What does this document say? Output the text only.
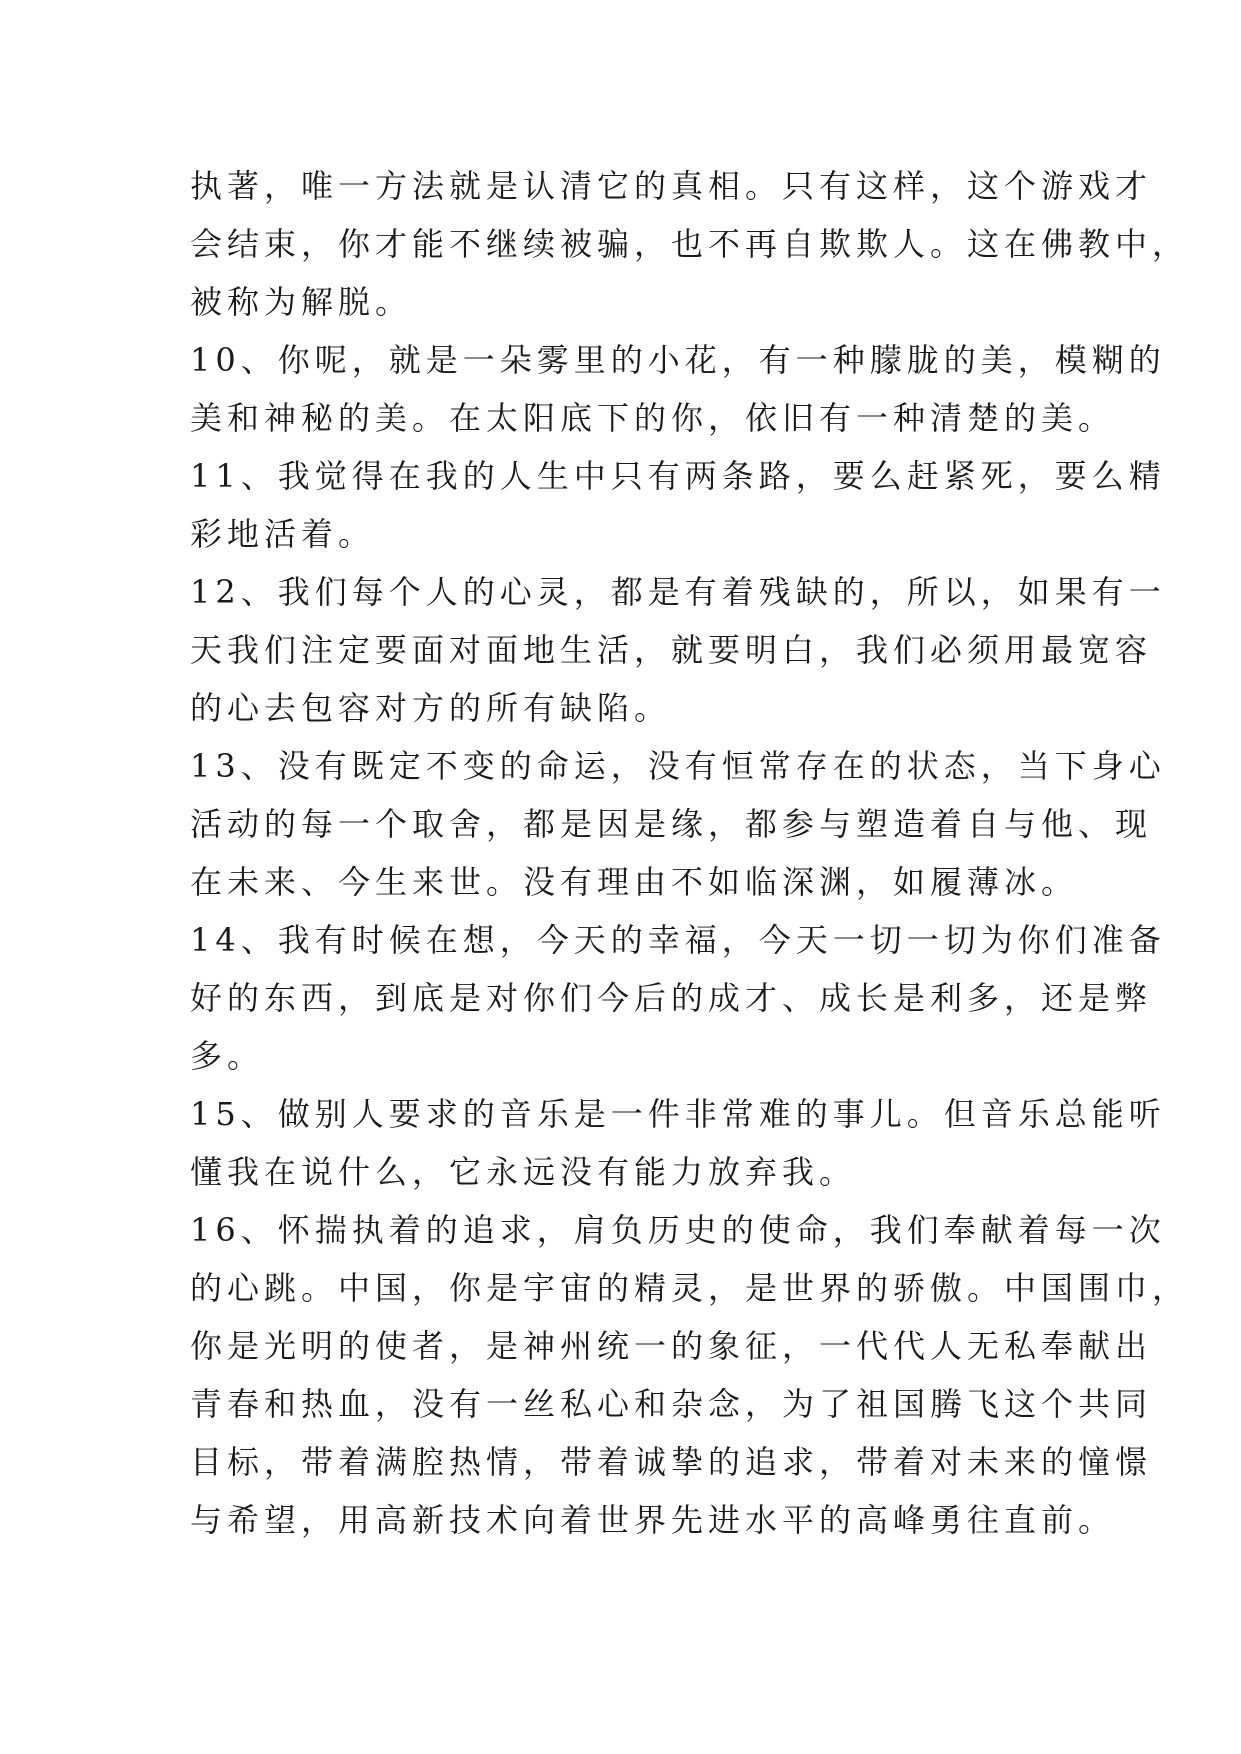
执著，唯一方法就是认清它的真相。只有这样，这个游戏才
会结束，你才能不继续被骗，也不再自欺欺人。这在佛教中，
被称为解脱。
10、你呢，就是一朵雾里的小花，有一种朦胧的美，模糊的
美和神秘的美。在太阳底下的你，依旧有一种清楚的美。
11、我觉得在我的人生中只有两条路，要么赶紧死，要么精
彩地活着。
12、我们每个人的心灵，都是有着残缺的，所以，如果有一
天我们注定要面对面地生活，就要明白，我们必须用最宽容
的心去包容对方的所有缺陷。
13、没有既定不变的命运，没有恒常存在的状态，当下身心
活动的每一个取舍，都是因是缘，都参与塑造着自与他、现
在未来、今生来世。没有理由不如临深渊，如履薄冰。
14、我有时候在想，今天的幸福，今天一切一切为你们准备
好的东西，到底是对你们今后的成才、成长是利多，还是弊
多。
15、做别人要求的音乐是一件非常难的事儿。但音乐总能听
懂我在说什么，它永远没有能力放弃我。
16、怀揣执着的追求，肩负历史的使命，我们奉献着每一次
的心跳。中国，你是宇宙的精灵，是世界的骄傲。中国围巾，
你是光明的使者，是神州统一的象征，一代代人无私奉献出
青春和热血，没有一丝私心和杂念，为了祖国腾飞这个共同
目标，带着满腔热情，带着诚挚的追求，带着对未来的憧憬
与希望，用高新技术向着世界先进水平的高峰勇往直前。
